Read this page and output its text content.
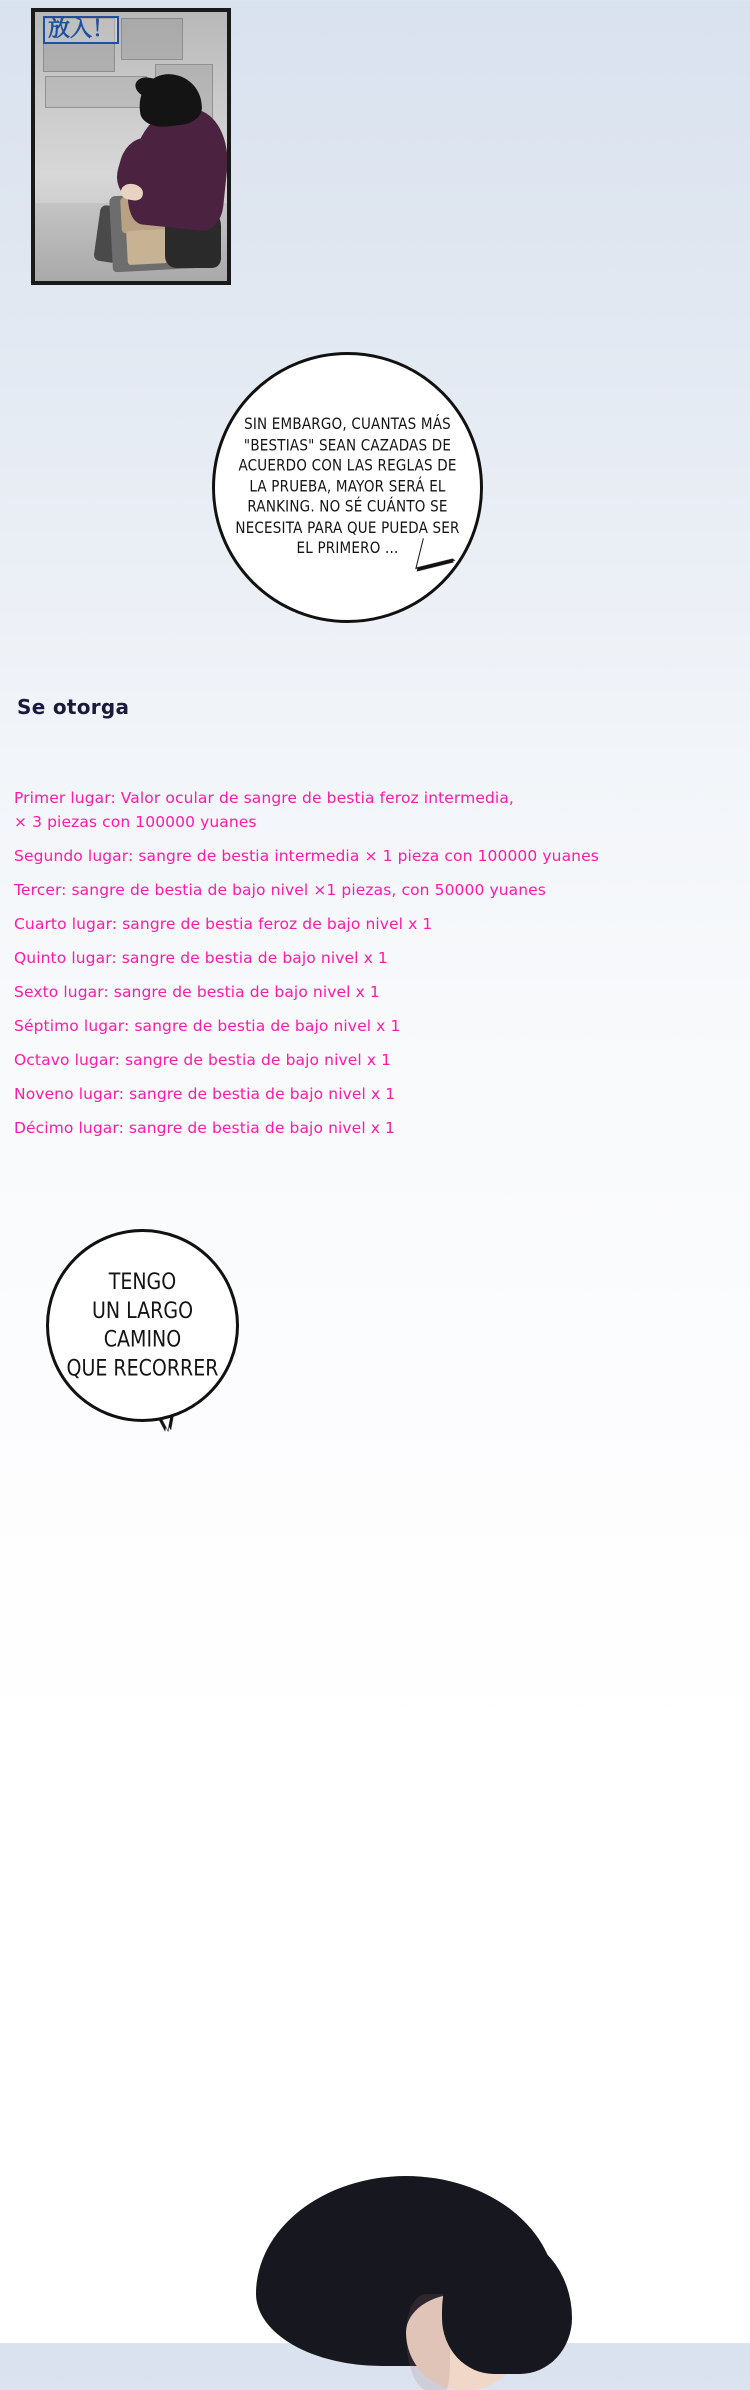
放入！
SIN EMBARGO, CUANTAS MÁS "BESTIAS" SEAN CAZADAS DE ACUERDO CON LAS REGLAS DE LA PRUEBA, MAYOR SERÁ EL RANKING. NO SÉ CUÁNTO SE NECESITA PARA QUE PUEDA SER EL PRIMERO ...
Se otorga
Primer lugar: Valor ocular de sangre de bestia feroz intermedia,
× 3 piezas con 100000 yuanes
Segundo lugar: sangre de bestia intermedia × 1 pieza con 100000 yuanes
Tercer: sangre de bestia de bajo nivel ×1 piezas, con 50000 yuanes
Cuarto lugar: sangre de bestia feroz de bajo nivel x 1
Quinto lugar: sangre de bestia de bajo nivel x 1
Sexto lugar: sangre de bestia de bajo nivel x 1
Séptimo lugar: sangre de bestia de bajo nivel x 1
Octavo lugar: sangre de bestia de bajo nivel x 1
Noveno lugar: sangre de bestia de bajo nivel x 1
Décimo lugar: sangre de bestia de bajo nivel x 1
TENGO
UN LARGO CAMINO
QUE RECORRER
